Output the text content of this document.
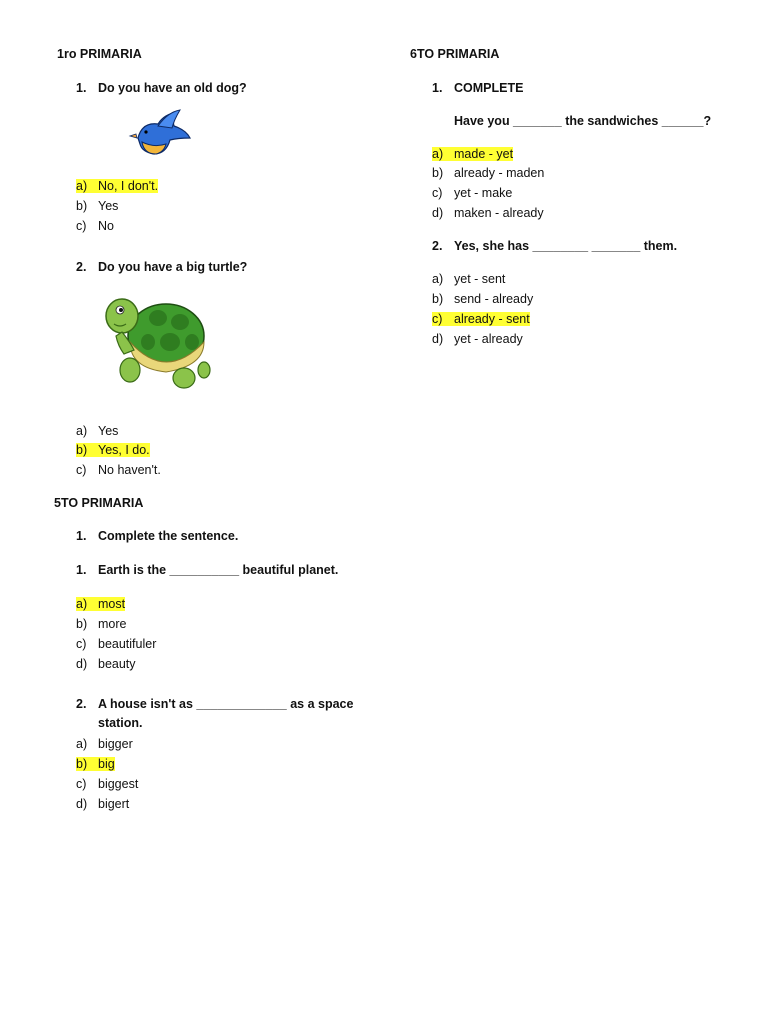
1ro PRIMARIA
1. Do you have an old dog?
a) No, I don't.
b) Yes
c) No
2. Do you have a big turtle?
a) Yes
b) Yes, I do.
c) No haven't.
5TO PRIMARIA
1. Complete the sentence.
1. Earth is the __________ beautiful planet.
a) most
b) more
c) beautifuler
d) beauty
2. A house isn't as _____________ as a space
station.
a) bigger
b) big
c) biggest
d) bigert
6TO PRIMARIA
1. COMPLETE
Have you _______ the sandwiches ______?
a) made - yet
b) already - maden
c) yet - make
d) maken - already
2. Yes, she has ________ _______ them.
a) yet - sent
b) send - already
c) already - sent
d) yet - already
